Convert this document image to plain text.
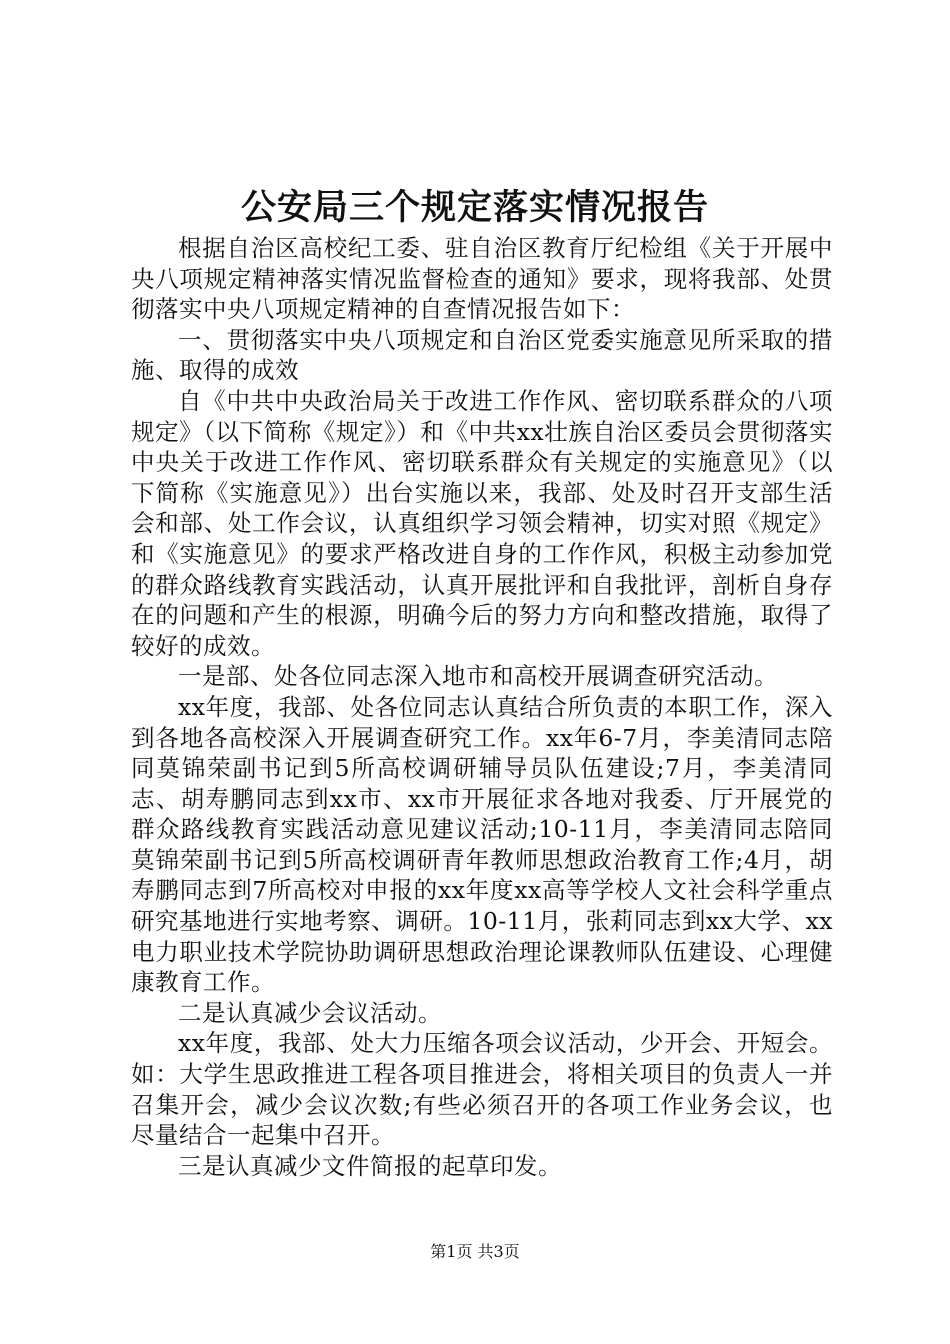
公安局三个规定落实情况报告

根据自治区高校纪工委、驻自治区教育厅纪检组《关于开展中央八项规定精神落实情况监督检查的通知》要求，现将我部、处贯彻落实中央八项规定精神的自查情况报告如下：

一、贯彻落实中央八项规定和自治区党委实施意见所采取的措施、取得的成效

自《中共中央政治局关于改进工作作风、密切联系群众的八项规定》（以下简称《规定》）和《中共xx壮族自治区委员会贯彻落实中央关于改进工作作风、密切联系群众有关规定的实施意见》（以下简称《实施意见》）出台实施以来，我部、处及时召开支部生活会和部、处工作会议，认真组织学习领会精神，切实对照《规定》和《实施意见》的要求严格改进自身的工作作风，积极主动参加党的群众路线教育实践活动，认真开展批评和自我批评，剖析自身存在的问题和产生的根源，明确今后的努力方向和整改措施，取得了较好的成效。

一是部、处各位同志深入地市和高校开展调查研究活动。

xx年度，我部、处各位同志认真结合所负责的本职工作，深入到各地各高校深入开展调查研究工作。xx年6-7月，李美清同志陪同莫锦荣副书记到5所高校调研辅导员队伍建设;7月，李美清同志、胡寿鹏同志到xx市、xx市开展征求各地对我委、厅开展党的群众路线教育实践活动意见建议活动;10-11月，李美清同志陪同莫锦荣副书记到5所高校调研青年教师思想政治教育工作;4月，胡寿鹏同志到7所高校对申报的xx年度xx高等学校人文社会科学重点研究基地进行实地考察、调研。10-11月，张莉同志到xx大学、xx电力职业技术学院协助调研思想政治理论课教师队伍建设、心理健康教育工作。

二是认真减少会议活动。

xx年度，我部、处大力压缩各项会议活动，少开会、开短会。如：大学生思政推进工程各项目推进会，将相关项目的负责人一并召集开会，减少会议次数;有些必须召开的各项工作业务会议，也尽量结合一起集中召开。

三是认真减少文件简报的起草印发。

第1页 共3页
